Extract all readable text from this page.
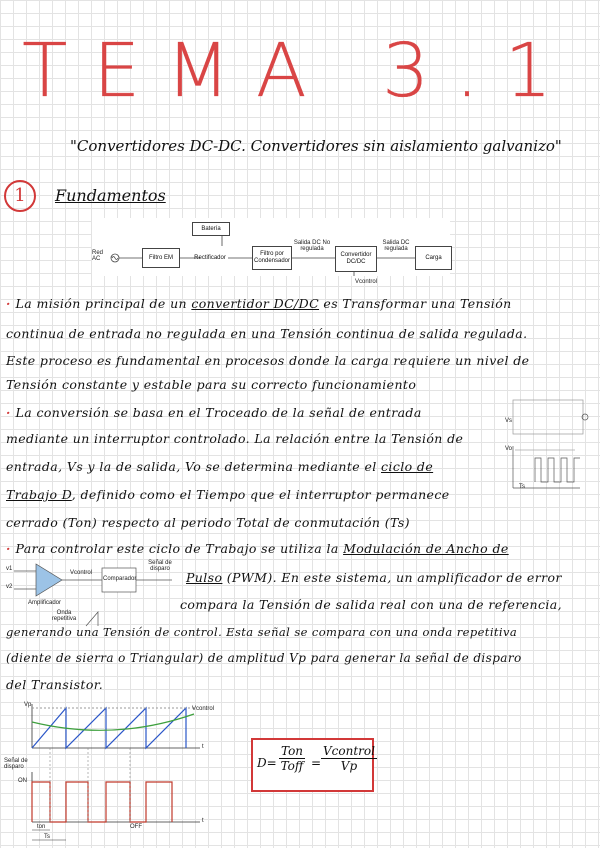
TEMA 3.1
"Convertidores DC-DC. Convertidores sin aislamiento galvanizo"
1	Fundamentos
Red AC	Filtro EM
Batería
Rectificador
Filtro por Condensador
Salida DC No regulada
Convertidor DC/DC
Salida DC regulada
Carga
Vcontrol
· La misión principal de un convertidor DC/DC es Transformar una Tensión
continua de entrada no regulada en una Tensión continua de salida regulada.
Este proceso es fundamental en procesos donde la carga requiere un nivel de
Tensión constante y estable para su correcto funcionamiento
· La conversión se basa en el Troceado de la señal de entrada
mediante un interruptor controlado. La relación entre la Tensión de
entrada, Vs y la de salida, Vo se determina mediante el ciclo de
Trabajo D, definido como el Tiempo que el interruptor permanece
cerrado (Ton) respecto al periodo Total de conmutación (Ts)
Vs
Vo
Ts
· Para controlar este ciclo de Trabajo se utiliza la Modulación de Ancho de
Pulso (PWM). En este sistema, un amplificador de error
compara la Tensión de salida real con una de referencia,
generando una Tensión de control. Esta señal se compara con una onda repetitiva
(diente de sierra o Triangular) de amplitud Vp para generar la señal de disparo
del Transistor.
v1
v2
Vcontrol
Comparador
Señal de disparo
Amplificador
Onda repetitiva
Vp
Vcontrol
t
t
Señal de disparo
ON
OFF
ton
Ts
D=
Ton
Toff =
Vcontrol
Vp
